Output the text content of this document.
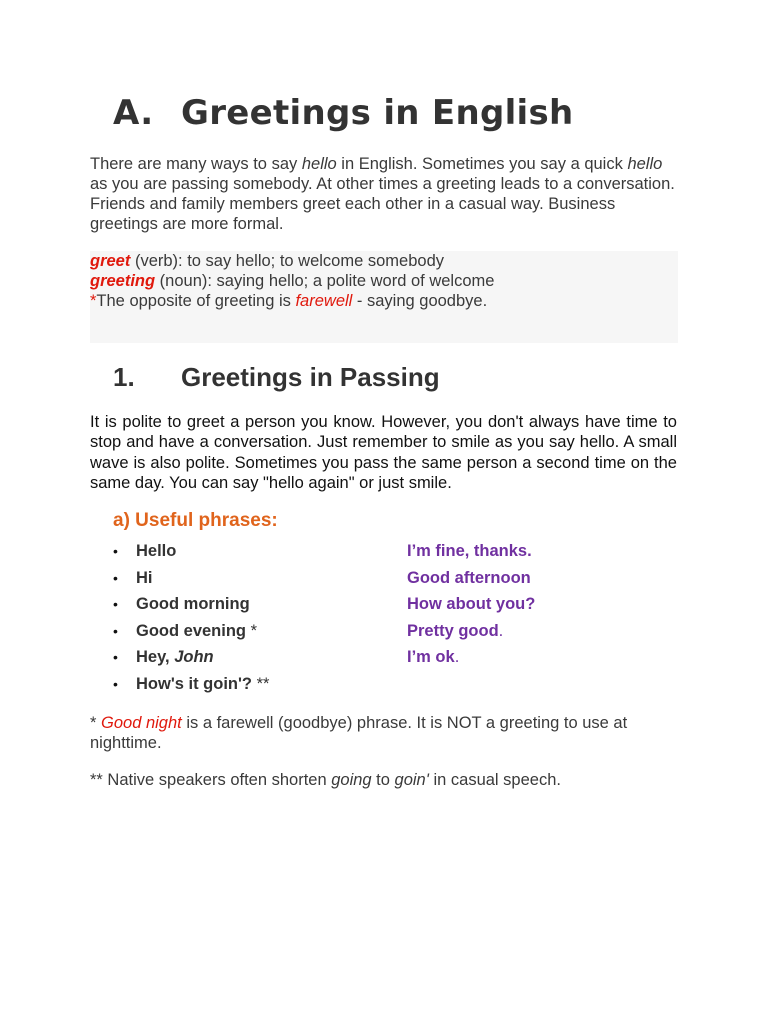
A. Greetings in English

There are many ways to say hello in English. Sometimes you say a quick hello as you are passing somebody. At other times a greeting leads to a conversation. Friends and family members greet each other in a casual way. Business greetings are more formal.

greet (verb): to say hello; to welcome somebody
greeting (noun): saying hello; a polite word of welcome
*The opposite of greeting is farewell - saying goodbye.
1. Greetings in Passing

It is polite to greet a person you know. However, you don't always have time to stop and have a conversation. Just remember to smile as you say hello. A small wave is also polite. Sometimes you pass the same person a second time on the same day. You can say "hello again" or just smile.

a) Useful phrases:
• Hello
• Hi
• Good morning
• Good evening *
• Hey, John
• How's it goin'? **
I’m fine, thanks.
Good afternoon
How about you?
Pretty good.
I’m ok.

* Good night is a farewell (goodbye) phrase. It is NOT a greeting to use at nighttime.

** Native speakers often shorten going to goin' in casual speech.
